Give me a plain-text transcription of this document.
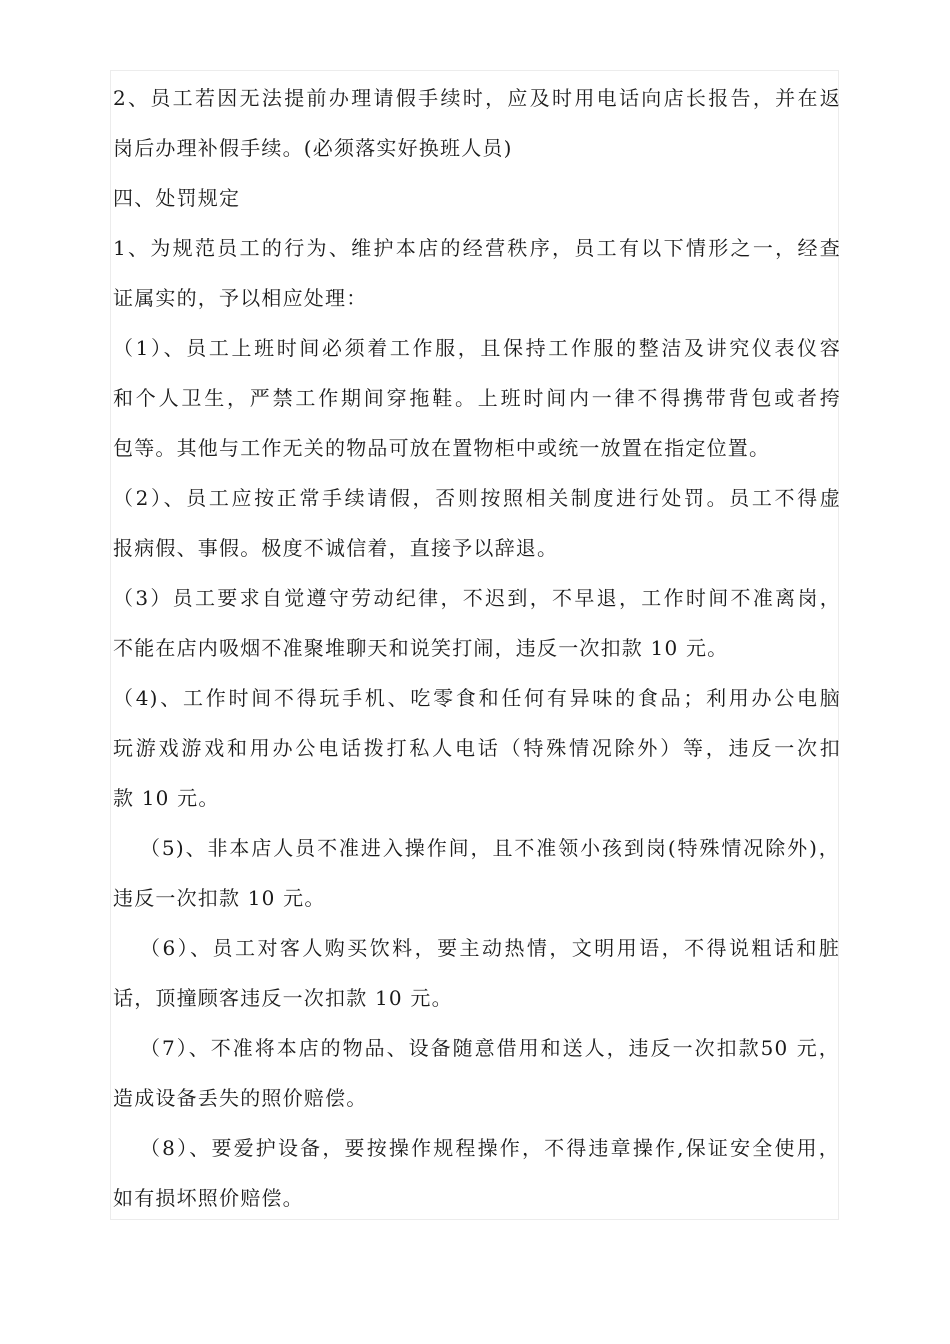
2、员工若因无法提前办理请假手续时，应及时用电话向店长报告，并在返
岗后办理补假手续。(必须落实好换班人员)
四、处罚规定
1、为规范员工的行为、维护本店的经营秩序，员工有以下情形之一，经查
证属实的，予以相应处理：
（1）、员工上班时间必须着工作服，且保持工作服的整洁及讲究仪表仪容
和个人卫生，严禁工作期间穿拖鞋。上班时间内一律不得携带背包或者挎
包等。其他与工作无关的物品可放在置物柜中或统一放置在指定位置。
（2）、员工应按正常手续请假，否则按照相关制度进行处罚。员工不得虚
报病假、事假。极度不诚信着，直接予以辞退。
（3）员工要求自觉遵守劳动纪律，不迟到，不早退，工作时间不准离岗，
不能在店内吸烟不准聚堆聊天和说笑打闹，违反一次扣款 10 元。
（4)、工作时间不得玩手机、吃零食和任何有异味的食品；利用办公电脑
玩游戏游戏和用办公电话拨打私人电话（特殊情况除外）等，违反一次扣
款 10 元。
（5)、非本店人员不准进入操作间，且不准领小孩到岗(特殊情况除外)，
违反一次扣款 10 元。
（6）、员工对客人购买饮料，要主动热情，文明用语，不得说粗话和脏
话，顶撞顾客违反一次扣款 10 元。
（7）、不准将本店的物品、设备随意借用和送人，违反一次扣款50 元，
造成设备丢失的照价赔偿。
（8）、要爱护设备，要按操作规程操作，不得违章操作,保证安全使用，
如有损坏照价赔偿。
